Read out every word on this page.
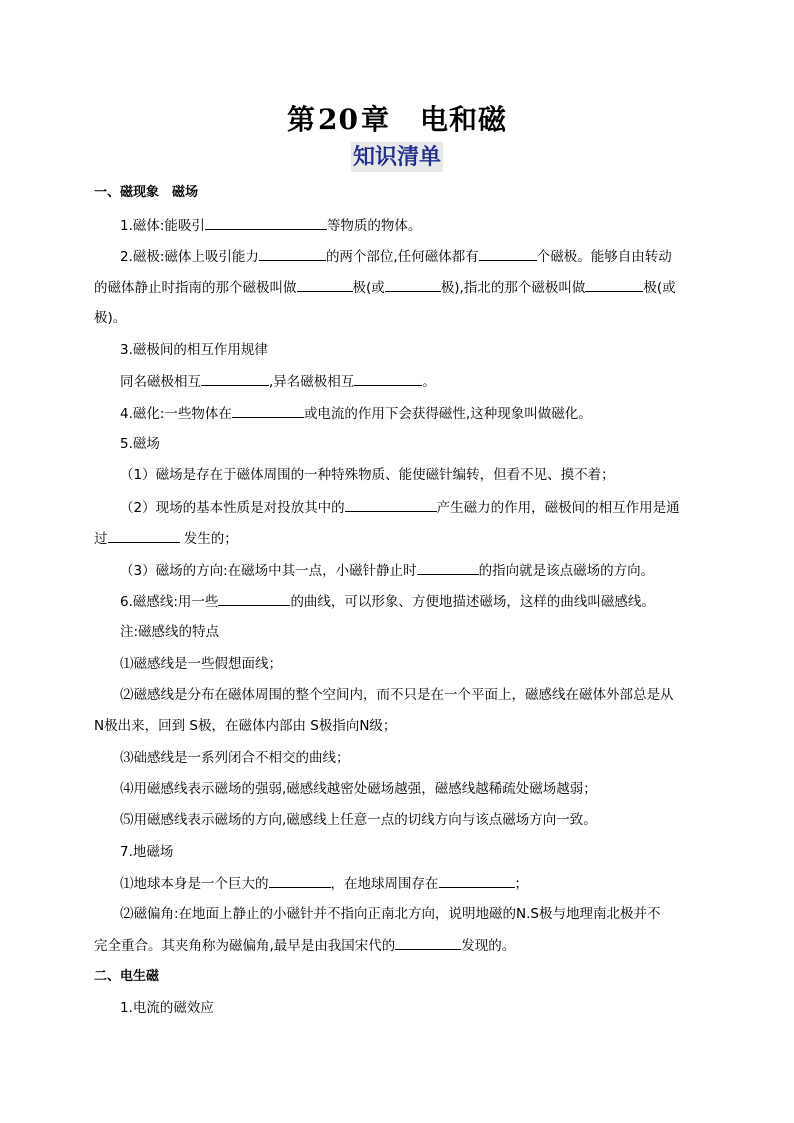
第20章 电和磁
知识清单
一、磁现象　磁场
1.磁体:能吸引	等物质的物体。
2.磁极:磁体上吸引能力	的两个部位,任何磁体都有	个磁极。能够自由转动
的磁体静止时指南的那个磁极叫做	极(或	极),指北的那个磁极叫做	极(或
极)。
3.磁极间的相互作用规律
同名磁极相互	,异名磁极相互	。
4.磁化:一些物体在	或电流的作用下会获得磁性,这种现象叫做磁化。
5.磁场
（1）磁场是存在于磁体周围的一种特殊物质、能使磁针编转，但看不见、摸不着；
（2）现场的基本性质是对投放其中的	产生磁力的作用，磁极间的相互作用是通
过	发生的；
（3）磁场的方向:在磁场中其一点，小磁针静止时	的指向就是该点磁场的方向。
6.磁感线:用一些	的曲线，可以形象、方便地描述磁场，这样的曲线叫磁感线。
注:磁感线的特点
⑴磁感线是一些假想面线；
⑵磁感线是分布在磁体周围的整个空间内，而不只是在一个平面上，磁感线在磁体外部总是从
N极出来，回到 S极，在磁体内部由 S极指向N级；
⑶础感线是一系列闭合不相交的曲线；
⑷用磁感线表示磁场的强弱,磁感线越密处磁场越强，磁感线越稀疏处磁场越弱；
⑸用磁感线表示磁场的方向,磁感线上任意一点的切线方向与该点磁场方向一致。
7.地磁场
⑴地球本身是一个巨大的	，在地球周围存在	；
⑵磁偏角:在地面上静止的小磁针并不指向正南北方向，说明地磁的N.S极与地理南北极并不
完全重合。其夹角称为磁偏角,最早是由我国宋代的	发现的。
二、电生磁
1.电流的磁效应
